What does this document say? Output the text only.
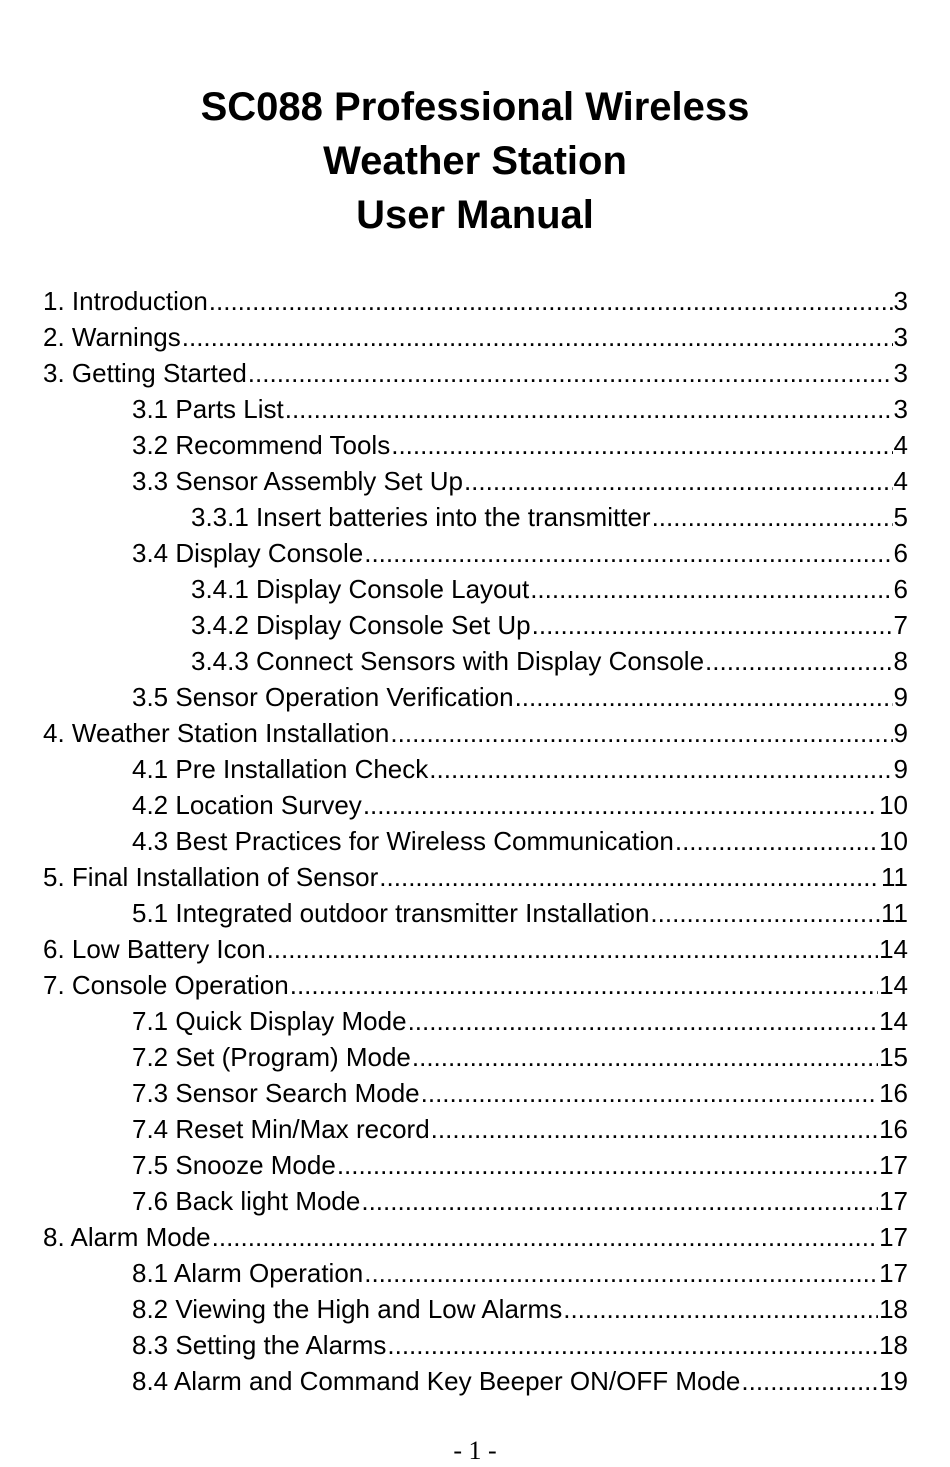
SC088 Professional Wireless
Weather Station
User Manual
1. Introduction .....	3
2. Warnings .....	3
3. Getting Started .....	3
3.1 Parts List .....	3
3.2 Recommend Tools .....	4
3.3 Sensor Assembly Set Up .....	4
3.3.1 Insert batteries into the transmitter .....	5
3.4 Display Console .....	6
3.4.1 Display Console Layout .....	6
3.4.2 Display Console Set Up .....	7
3.4.3 Connect Sensors with Display Console .....	8
3.5 Sensor Operation Verification .....	9
4. Weather Station Installation .....	9
4.1 Pre Installation Check .....	9
4.2 Location Survey .....	10
4.3 Best Practices for Wireless Communication .....	10
5. Final Installation of Sensor .....	11
5.1 Integrated outdoor transmitter Installation .....	11
6. Low Battery Icon .....	14
7. Console Operation .....	14
7.1 Quick Display Mode .....	14
7.2 Set (Program) Mode .....	15
7.3 Sensor Search Mode .....	16
7.4 Reset Min/Max record .....	16
7.5 Snooze Mode .....	17
7.6 Back light Mode .....	17
8. Alarm Mode .....	17
8.1 Alarm Operation .....	17
8.2 Viewing the High and Low Alarms .....	18
8.3 Setting the Alarms .....	18
8.4 Alarm and Command Key Beeper ON/OFF Mode .....	19
- 1 -
